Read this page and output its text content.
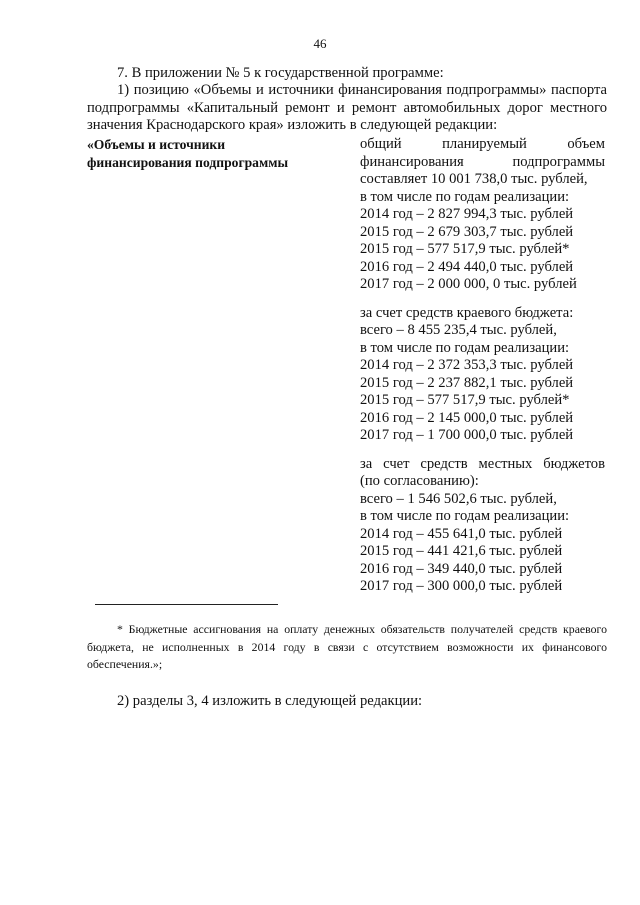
46

7. В приложении № 5 к государственной программе:

1) позицию «Объемы и источники финансирования подпрограммы» паспорта подпрограммы «Капитальный ремонт и ремонт автомобильных дорог местного значения Краснодарского края» изложить в следующей редакции:

«Объемы и источники
финансирования подпрограммы
общий планируемый объем
финансирования подпрограммы
составляет 10 001 738,0 тыс. рублей,
в том числе по годам реализации:
2014 год – 2 827 994,3 тыс. рублей
2015 год – 2 679 303,7 тыс. рублей
2015 год – 577 517,9 тыс. рублей*
2016 год – 2 494 440,0 тыс. рублей
2017 год – 2 000 000, 0 тыс. рублей
за счет средств краевого бюджета:
всего – 8 455 235,4 тыс. рублей,
в том числе по годам реализации:
2014 год – 2 372 353,3 тыс. рублей
2015 год – 2 237 882,1 тыс. рублей
2015 год – 577 517,9 тыс. рублей*
2016 год – 2 145 000,0 тыс. рублей
2017 год – 1 700 000,0 тыс. рублей
за счет средств местных бюджетов
(по согласованию):
всего – 1 546 502,6 тыс. рублей,
в том числе по годам реализации:
2014 год – 455 641,0 тыс. рублей
2015 год – 441 421,6 тыс. рублей
2016 год – 349 440,0 тыс. рублей
2017 год – 300 000,0 тыс. рублей

* Бюджетные ассигнования на оплату денежных обязательств получателей средств краевого бюджета, не исполненных в 2014 году в связи с отсутствием возможности их финансового обеспечения.»;

2) разделы 3, 4 изложить в следующей редакции:
